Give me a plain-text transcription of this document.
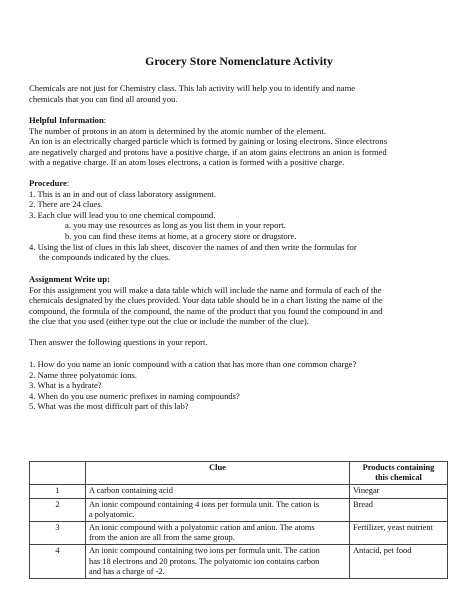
Grocery Store Nomenclature Activity

Chemicals are not just for Chemistry class. This lab activity will help you to identify and name

chemicals that you can find all around you.

Helpful Information:

The number of protons in an atom is determined by the atomic number of the element.

An ion is an electrically charged particle which is formed by gaining or losing electrons. Since electrons

are negatively charged and protons have a positive charge, if an atom gains electrons an anion is formed

with a negative charge. If an atom loses electrons, a cation is formed with a positive charge.

Procedure:

1. This is an in and out of class laboratory assignment.

2. There are 24 clues.

3. Each clue will lead you to one chemical compound.

a. you may use resources as long as you list them in your report.

b. you can find these items at home, at a grocery store or drugstore.

4. Using the list of clues in this lab sheet, discover the names of and then write the formulas for

the compounds indicated by the clues.

Assignment Write up:

For this assignment you will make a data table which will include the name and formula of each of the

chemicals designated by the clues provided. Your data table should be in a chart listing the name of the

compound, the formula of the compound, the name of the product that you found the compound in and

the clue that you used (either type out the clue or include the number of the clue).

Then answer the following questions in your report.

1. How do you name an ionic compound with a cation that has more than one common charge?

2. Name three polyatomic ions.

3. What is a hydrate?

4. When do you use numeric prefixes in naming compounds?

5. What was the most difficult part of this lab?

	Clue	Products containing
this chemical
1	A carbon containing acid	Vinegar
2	An ionic compound containing 4 ions per formula unit. The cation is
a polyatomic.	Bread
3	An ionic compound with a polyatomic cation and anion. The atoms
from the anion are all from the same group.	Fertilizer, yeast nutrient
4	An ionic compound containing two ions per formula unit. The cation
has 18 electrons and 20 protons. The polyatomic ion contains carbon
and has a charge of -2.	Antacid, pet food
